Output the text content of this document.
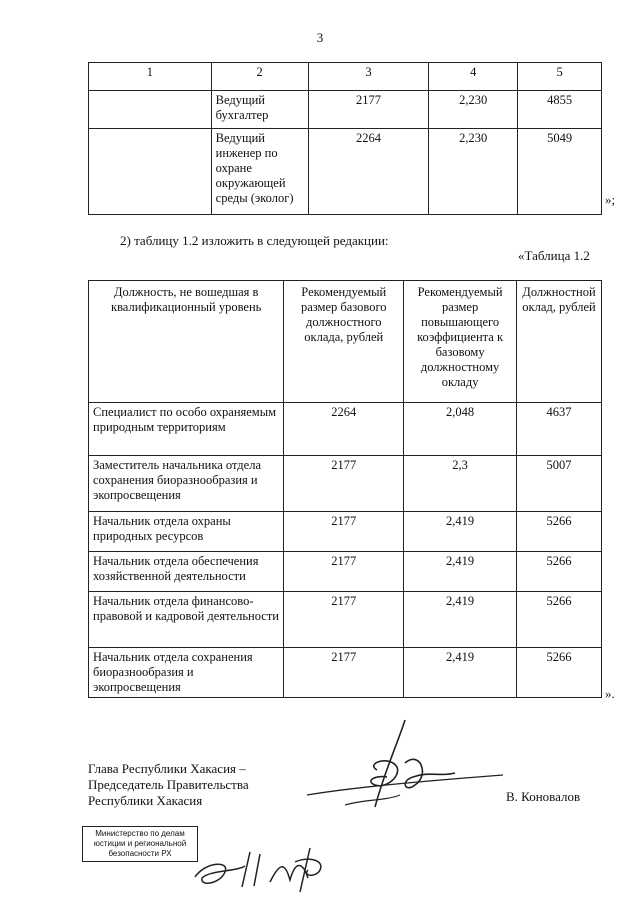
3
1	2	3	4	5
	Ведущий бухгалтер	2177	2,230	4855
	Ведущий инженер по охране окружающей среды (эколог)	2264	2,230	5049
»;
2) таблицу 1.2 изложить в следующей редакции:
«Таблица 1.2
Должность, не вошедшая в квалификационный уровень	Рекомендуемый размер базового должностного оклада, рублей	Рекомендуемый размер повышающего коэффициента к базовому должностному окладу	Должностной оклад, рублей
Специалист по особо охраняемым природным территориям	2264	2,048	4637
Заместитель начальника отдела сохранения биоразнообразия и экопросвещения	2177	2,3	5007
Начальник отдела охраны природных ресурсов	2177	2,419	5266
Начальник отдела обеспечения хозяйственной деятельности	2177	2,419	5266
Начальник отдела финансово-правовой и кадровой деятельности	2177	2,419	5266
Начальник отдела сохранения биоразнообразия и экопросвещения	2177	2,419	5266
».
Глава Республики Хакасия –
Председатель Правительства
Республики Хакасия	В. Коновалов
Министерство по делам
юстиции и региональной
безопасности РХ
